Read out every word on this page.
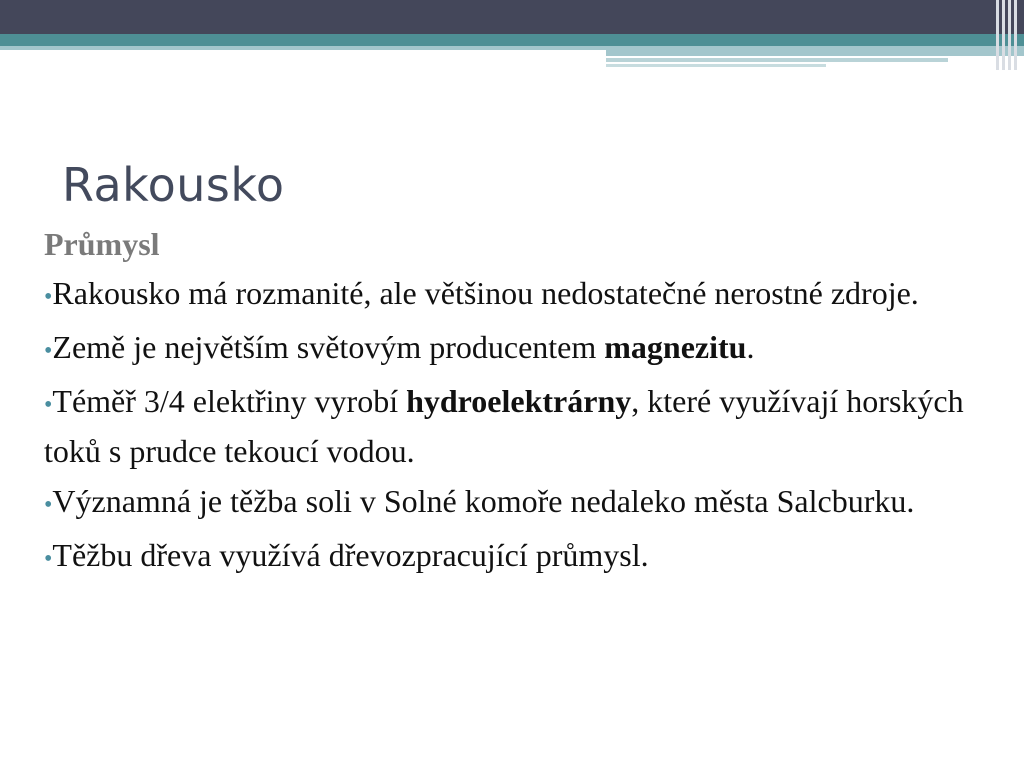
Rakousko
Průmysl
•Rakousko má rozmanité, ale většinou nedostatečné nerostné zdroje.
•Země je největším světovým producentem magnezitu.
•Téměř 3/4 elektřiny vyrobí hydroelektrárny, které využívají horských toků s prudce tekoucí vodou.
•Významná je těžba soli v Solné komoře nedaleko města Salcburku.
•Těžbu dřeva využívá dřevozpracující průmysl.
